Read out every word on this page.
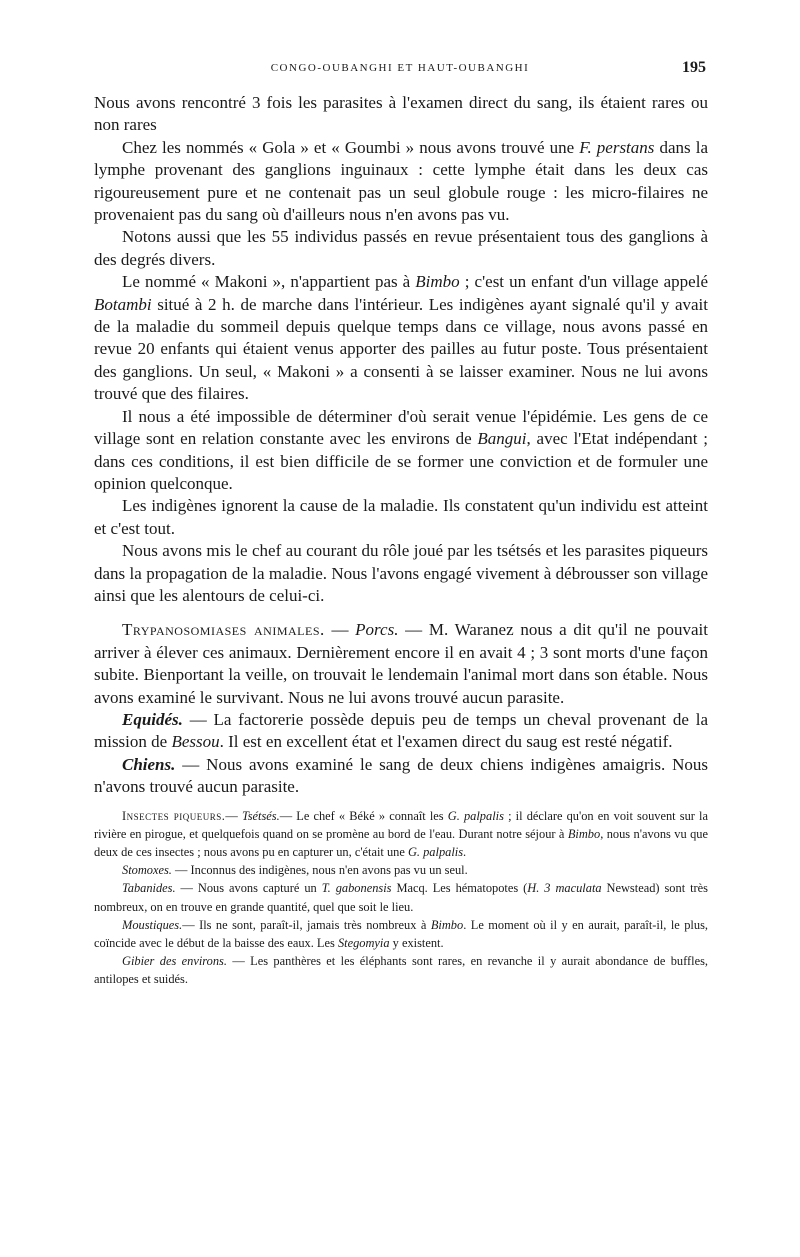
CONGO-OUBANGHI ET HAUT-OUBANGHI	195

Nous avons rencontré 3 fois les parasites à l'examen direct du sang, ils étaient rares ou non rares

Chez les nommés « Gola » et « Goumbi » nous avons trouvé une F. perstans dans la lymphe provenant des ganglions inguinaux : cette lymphe était dans les deux cas rigoureusement pure et ne contenait pas un seul globule rouge : les micro-filaires ne provenaient pas du sang où d'ailleurs nous n'en avons pas vu.

Notons aussi que les 55 individus passés en revue présentaient tous des ganglions à des degrés divers.

Le nommé « Makoni », n'appartient pas à Bimbo ; c'est un enfant d'un village appelé Botambi situé à 2 h. de marche dans l'intérieur. Les indigènes ayant signalé qu'il y avait de la maladie du sommeil depuis quelque temps dans ce village, nous avons passé en revue 20 enfants qui étaient venus apporter des pailles au futur poste. Tous présentaient des ganglions. Un seul, « Makoni » a consenti à se laisser examiner. Nous ne lui avons trouvé que des filaires.

Il nous a été impossible de déterminer d'où serait venue l'épidémie. Les gens de ce village sont en relation constante avec les environs de Bangui, avec l'Etat indépendant ; dans ces conditions, il est bien difficile de se former une conviction et de formuler une opinion quelconque.

Les indigènes ignorent la cause de la maladie. Ils constatent qu'un individu est atteint et c'est tout.

Nous avons mis le chef au courant du rôle joué par les tsétsés et les parasites piqueurs dans la propagation de la maladie. Nous l'avons engagé vivement à débrousser son village ainsi que les alentours de celui-ci.

Trypanosomiases animales. — Porcs. — M. Waranez nous a dit qu'il ne pouvait arriver à élever ces animaux. Dernièrement encore il en avait 4 ; 3 sont morts d'une façon subite. Bienportant la veille, on trouvait le lendemain l'animal mort dans son étable. Nous avons examiné le survivant. Nous ne lui avons trouvé aucun parasite.

Equidés. — La factorerie possède depuis peu de temps un cheval provenant de la mission de Bessou. Il est en excellent état et l'examen direct du saug est resté négatif.

Chiens. — Nous avons examiné le sang de deux chiens indigènes amaigris. Nous n'avons trouvé aucun parasite.

Insectes piqueurs.— Tsétsés.— Le chef « Béké » connaît les G. palpalis ; il déclare qu'on en voit souvent sur la rivière en pirogue, et quelquefois quand on se promène au bord de l'eau. Durant notre séjour à Bimbo, nous n'avons vu que deux de ces insectes ; nous avons pu en capturer un, c'était une G. palpalis.

Stomoxes. — Inconnus des indigènes, nous n'en avons pas vu un seul.

Tabanides. — Nous avons capturé un T. gabonensis Macq. Les hématopotes (H. 3 maculata Newstead) sont très nombreux, on en trouve en grande quantité, quel que soit le lieu.

Moustiques.— Ils ne sont, paraît-il, jamais très nombreux à Bimbo. Le moment où il y en aurait, paraît-il, le plus, coïncide avec le début de la baisse des eaux. Les Stegomyia y existent.

Gibier des environs. — Les panthères et les éléphants sont rares, en revanche il y aurait abondance de buffles, antilopes et suidés.
